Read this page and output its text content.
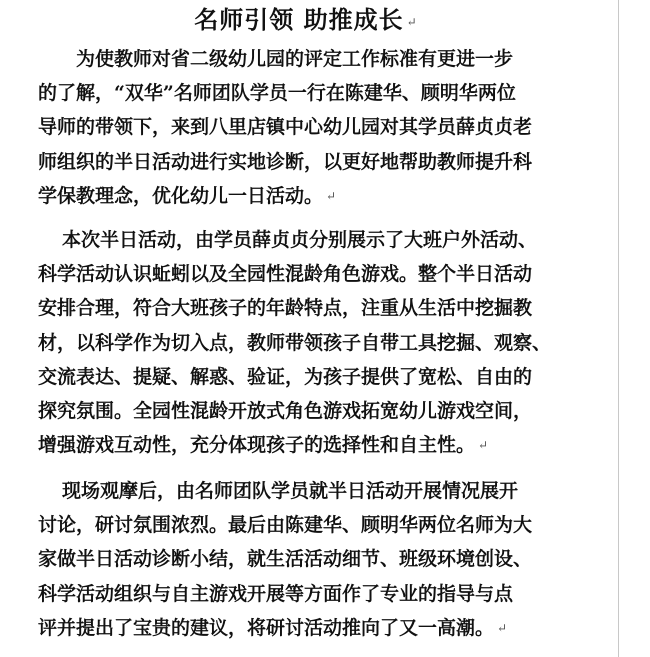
名师引领 助推成长 ↵
为使教师对省二级幼儿园的评定工作标准有更进一步
的了解，“双华”名师团队学员一行在陈建华、顾明华两位
导师的带领下，来到八里店镇中心幼儿园对其学员薛贞贞老
师组织的半日活动进行实地诊断，以更好地帮助教师提升科
学保教理念，优化幼儿一日活动。 ↵
本次半日活动，由学员薛贞贞分别展示了大班户外活动、
科学活动认识蚯蚓以及全园性混龄角色游戏。整个半日活动
安排合理，符合大班孩子的年龄特点，注重从生活中挖掘教
材，以科学作为切入点，教师带领孩子自带工具挖掘、观察、
交流表达、提疑、解惑、验证，为孩子提供了宽松、自由的
探究氛围。全园性混龄开放式角色游戏拓宽幼儿游戏空间，
增强游戏互动性，充分体现孩子的选择性和自主性。 ↵
现场观摩后，由名师团队学员就半日活动开展情况展开
讨论，研讨氛围浓烈。最后由陈建华、顾明华两位名师为大
家做半日活动诊断小结，就生活活动细节、班级环境创设、
科学活动组织与自主游戏开展等方面作了专业的指导与点
评并提出了宝贵的建议，将研讨活动推向了又一高潮。 ↵
